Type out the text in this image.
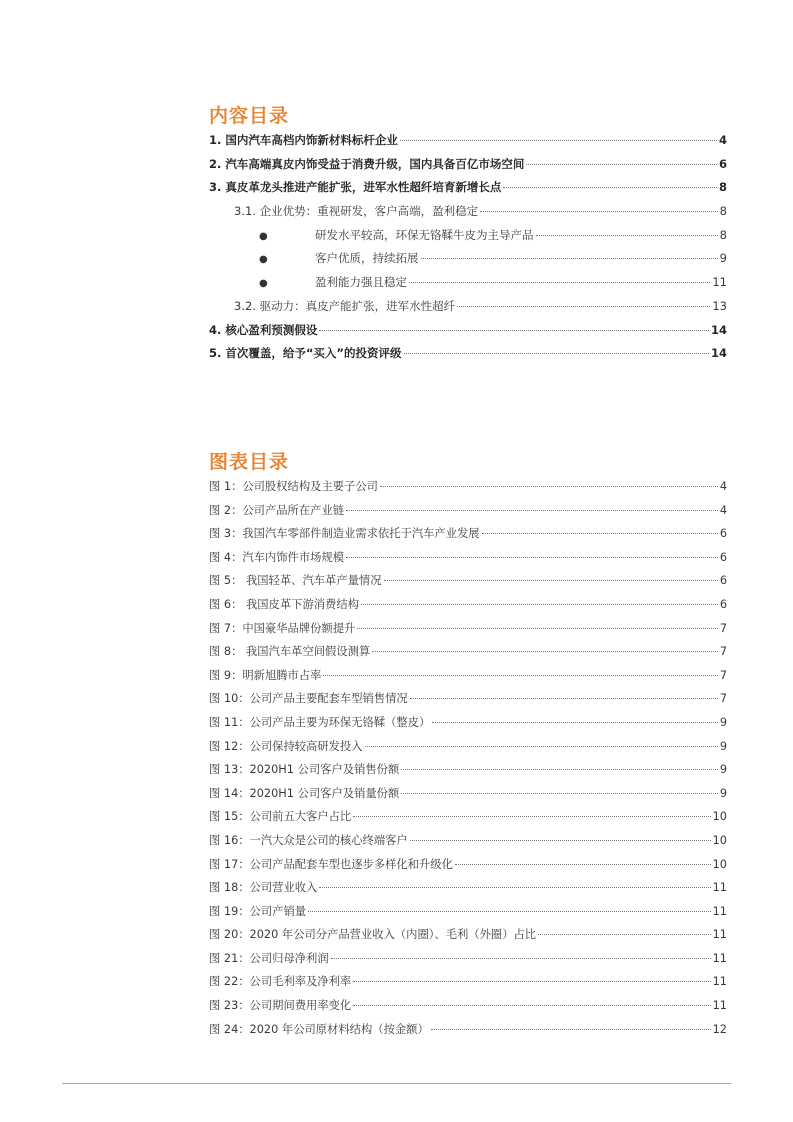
内容目录
1. 国内汽车高档内饰新材料标杆企业	4
2. 汽车高端真皮内饰受益于消费升级，国内具备百亿市场空间	6
3. 真皮革龙头推进产能扩张，进军水性超纤培育新增长点	8
3.1. 企业优势：重视研发，客户高端，盈利稳定	8
●	研发水平较高，环保无铬鞣牛皮为主导产品	8
●	客户优质，持续拓展	9
●	盈利能力强且稳定	11
3.2. 驱动力：真皮产能扩张，进军水性超纤	13
4. 核心盈利预测假设	14
5. 首次覆盖，给予“买入”的投资评级	14
图表目录
图 1：公司股权结构及主要子公司	4
图 2：公司产品所在产业链	4
图 3：我国汽车零部件制造业需求依托于汽车产业发展	6
图 4：汽车内饰件市场规模	6
图 5： 我国轻革、汽车革产量情况	6
图 6： 我国皮革下游消费结构	6
图 7：中国豪华品牌份额提升	7
图 8： 我国汽车革空间假设测算	7
图 9：明新旭腾市占率	7
图 10：公司产品主要配套车型销售情况	7
图 11：公司产品主要为环保无铬鞣（整皮）	9
图 12：公司保持较高研发投入	9
图 13：2020H1 公司客户及销售份额	9
图 14：2020H1 公司客户及销量份额	9
图 15：公司前五大客户占比	10
图 16：一汽大众是公司的核心终端客户	10
图 17：公司产品配套车型也逐步多样化和升级化	10
图 18：公司营业收入	11
图 19：公司产销量	11
图 20：2020 年公司分产品营业收入（内圈）、毛利（外圈）占比	11
图 21：公司归母净利润	11
图 22：公司毛利率及净利率	11
图 23：公司期间费用率变化	11
图 24：2020 年公司原材料结构（按金额）	12
